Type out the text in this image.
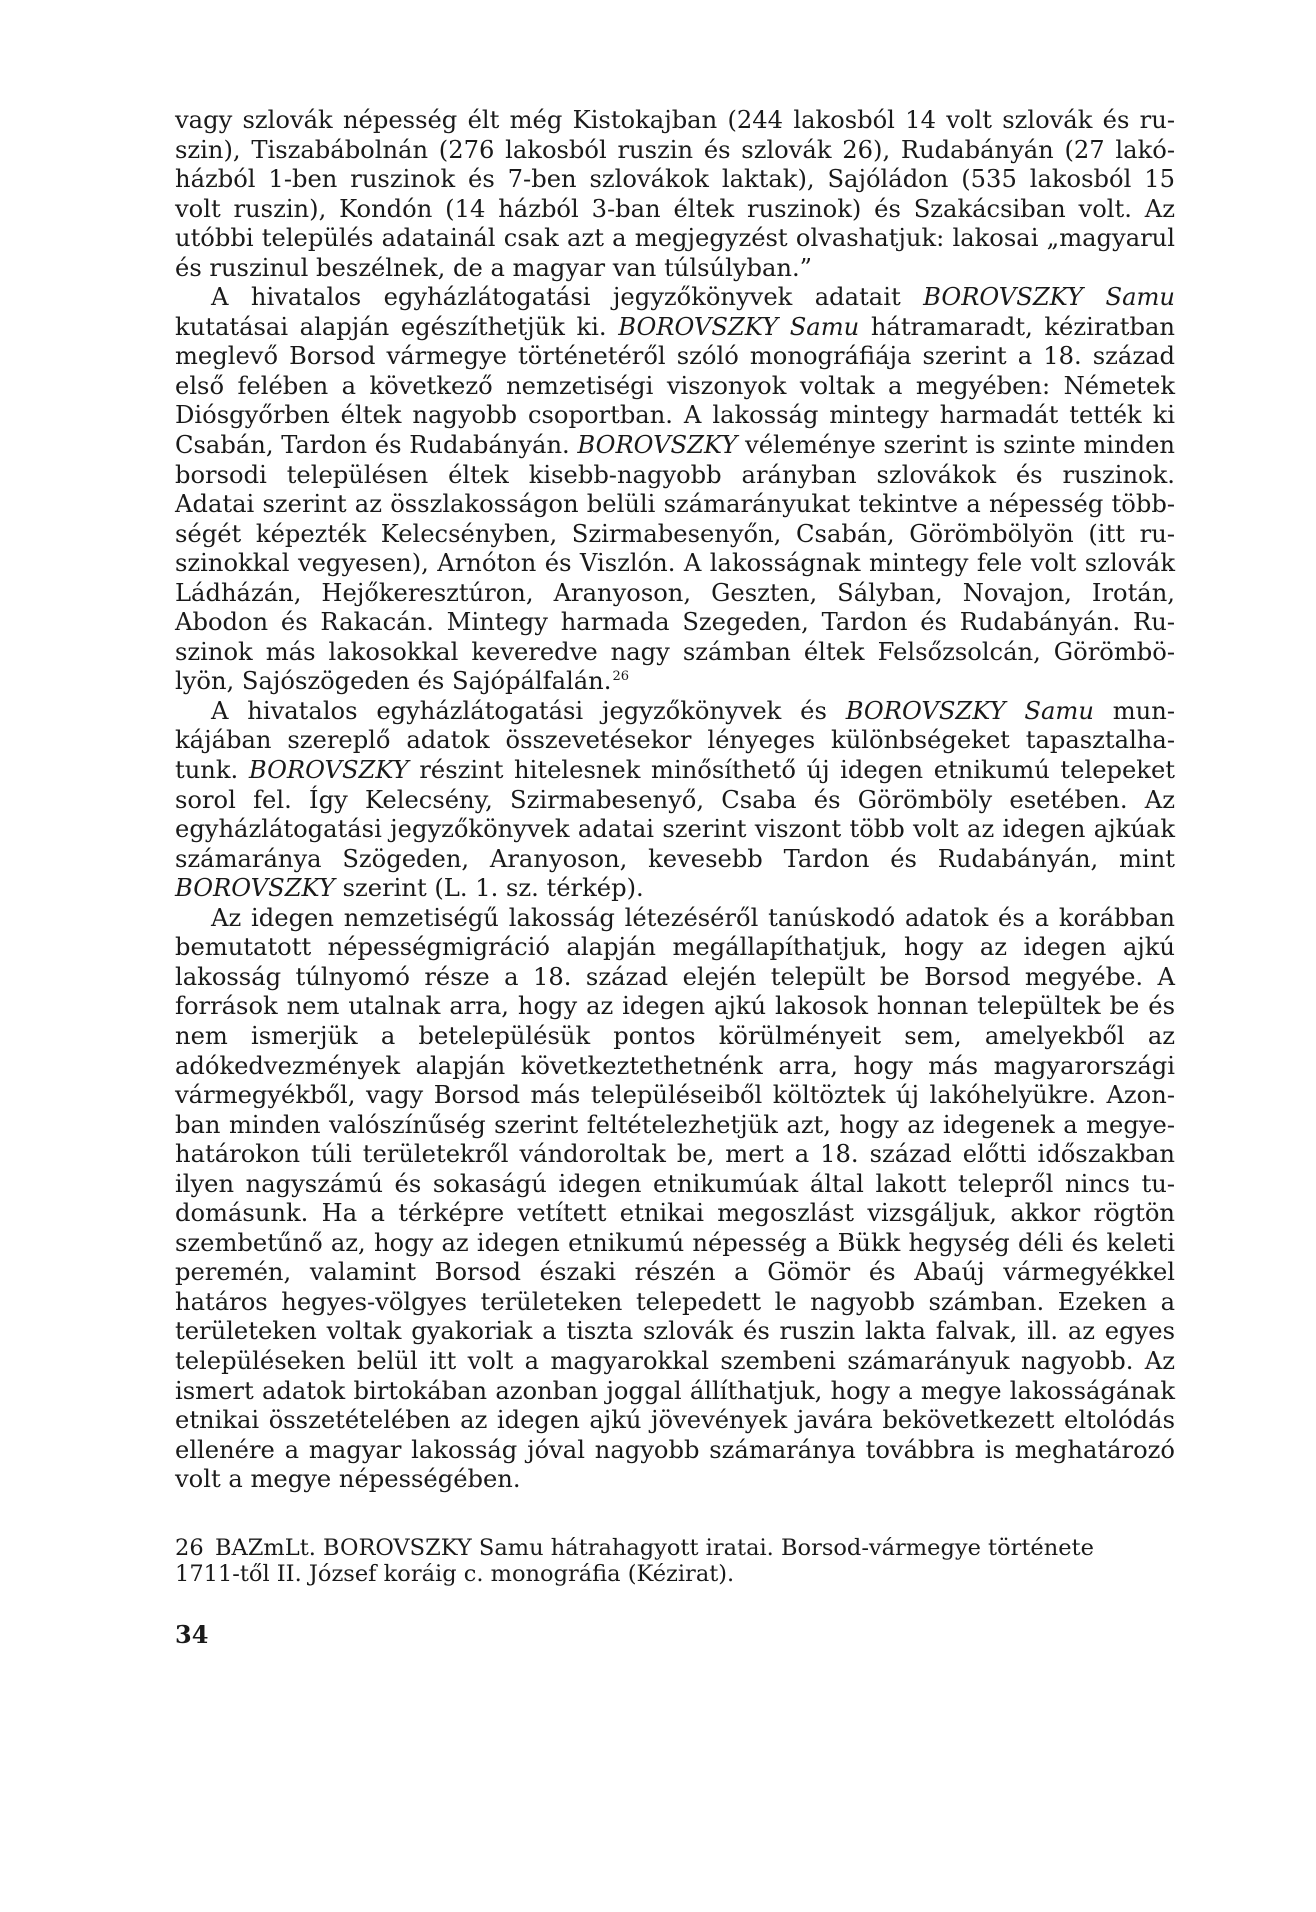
vagy szlovák népesség élt még Kistokajban (244 lakosból 14 volt szlovák és ruszin), Tiszabábolnán (276 lakosból ruszin és szlovák 26), Rudabányán (27 lakóházból 1-ben ruszinok és 7-ben szlovákok laktak), Sajóládon (535 lakosból 15 volt ruszin), Kondón (14 házból 3-ban éltek ruszinok) és Szakácsiban volt. Az utóbbi település adatainál csak azt a megjegyzést olvashatjuk: lakosai „magyarul és ruszinul beszélnek, de a magyar van túlsúlyban.”

A hivatalos egyházlátogatási jegyzőkönyvek adatait BOROVSZKY Samu kutatásai alapján egészíthetjük ki. BOROVSZKY Samu hátramaradt, kéziratban meglevő Borsod vármegye történetéről szóló monográfiája szerint a 18. század első felében a következő nemzetiségi viszonyok voltak a megyében: Németek Diósgyőrben éltek nagyobb csoportban. A lakosság mintegy harmadát tették ki Csabán, Tardon és Rudabányán. BOROVSZKY véleménye szerint is szinte minden borsodi településen éltek kisebb-nagyobb arányban szlovákok és ruszinok. Adatai szerint az összlakosságon belüli számarányukat tekintve a népesség többségét képezték Kelecsényben, Szirmabesenyőn, Csabán, Görömbölyön (itt ruszinokkal vegyesen), Arnóton és Viszlón. A lakosságnak mintegy fele volt szlovák Ládházán, Hejőkeresztúron, Aranyoson, Geszten, Sályban, Novajon, Irotán, Abodon és Rakacán. Mintegy harmada Szegeden, Tardon és Rudabányán. Ruszinok más lakosokkal keveredve nagy számban éltek Felsőzsolcán, Görömbölyön, Sajószögeden és Sajópálfalán.$^{26}$

A hivatalos egyházlátogatási jegyzőkönyvek és BOROVSZKY Samu munkájában szereplő adatok összevetésekor lényeges különbségeket tapasztalhatunk. BOROVSZKY részint hitelesnek minősíthető új idegen etnikumú telepeket sorol fel. Így Kelecsény, Szirmabesenyő, Csaba és Görömböly esetében. Az egyházlátogatási jegyzőkönyvek adatai szerint viszont több volt az idegen ajkúak számaránya Szögeden, Aranyoson, kevesebb Tardon és Rudabányán, mint BOROVSZKY szerint (L. 1. sz. térkép).

Az idegen nemzetiségű lakosság létezéséről tanúskodó adatok és a korábban bemutatott népességmigráció alapján megállapíthatjuk, hogy az idegen ajkú lakosság túlnyomó része a 18. század elején települt be Borsod megyébe. A források nem utalnak arra, hogy az idegen ajkú lakosok honnan települtek be és nem ismerjük a betelepülésük pontos körülményeit sem, amelyekből az adókedvezmények alapján következtethetnénk arra, hogy más magyarországi vármegyékből, vagy Borsod más településeiből költöztek új lakóhelyükre. Azonban minden valószínűség szerint feltételezhetjük azt, hogy az idegenek a megyehatárokon túli területekről vándoroltak be, mert a 18. század előtti időszakban ilyen nagyszámú és sokaságú idegen etnikumúak által lakott telepről nincs tudomásunk. Ha a térképre vetített etnikai megoszlást vizsgáljuk, akkor rögtön szembetűnő az, hogy az idegen etnikumú népesség a Bükk hegység déli és keleti peremén, valamint Borsod északi részén a Gömör és Abaúj vármegyékkel határos hegyes-völgyes területeken telepedett le nagyobb számban. Ezeken a területeken voltak gyakoriak a tiszta szlovák és ruszin lakta falvak, ill. az egyes településeken belül itt volt a magyarokkal szembeni számarányuk nagyobb. Az ismert adatok birtokában azonban joggal állíthatjuk, hogy a megye lakosságának etnikai összetételében az idegen ajkú jövevények javára bekövetkezett eltolódás ellenére a magyar lakosság jóval nagyobb számaránya továbbra is meghatározó volt a megye népességében.

26 BAZmLt. BOROVSZKY Samu hátrahagyott iratai. Borsod-vármegye története

1711-től II. József koráig c. monográfia (Kézirat).

34
